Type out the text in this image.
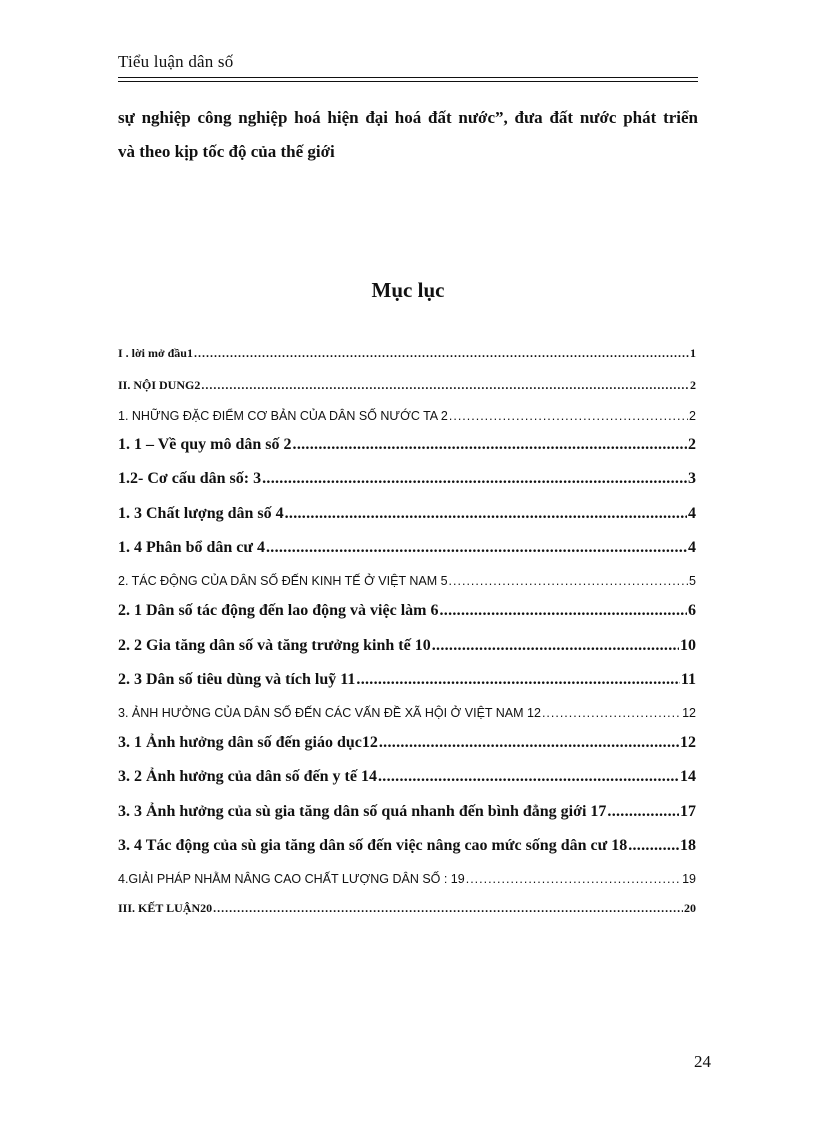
Tiểu luận dân số
sự nghiệp công nghiệp hoá hiện đại hoá đất nước”, đưa đất nước phát triển
và theo kịp tốc độ của thế giới
Mục lục
I . lời mở đầu1 .....	1
II. NỘI DUNG2 .....	2
1. NHỮNG ĐẶC ĐIỂM CƠ BẢN CỦA DÂN SỐ NƯỚC TA 2 .....	2
1. 1 – Về quy mô dân số 2 .....	2
1.2- Cơ cấu dân số: 3 .....	3
1. 3 Chất lượng dân số 4 .....	4
1. 4 Phân bổ dân cư 4 .....	4
2. TÁC ĐỘNG CỦA DÂN SỐ ĐẾN KINH TẾ Ở VIỆT NAM 5 .....	5
2. 1 Dân số tác động đến lao động và việc làm 6 .....	6
2. 2 Gia tăng dân số và tăng trưởng kinh tế 10 .....	10
2. 3 Dân số tiêu dùng và tích luỹ 11 .....	11
3. ẢNH HƯỞNG CỦA DÂN SỐ ĐẾN CÁC VẤN ĐỀ XÃ HỘI Ở VIỆT NAM 12 .....	12
3. 1 Ảnh hưởng dân số đến giáo dục12 .....	12
3. 2 Ảnh hưởng của dân số đến y tế 14 .....	14
3. 3 Ảnh hưởng của sù gia tăng dân số quá nhanh đến bình đẳng giới 17 .....	17
3. 4 Tác động của sù gia tăng dân số đến việc nâng cao mức sống dân cư 18 .....	18
4.GIẢI PHÁP NHẰM NÂNG CAO CHẤT LƯỢNG DÂN SỐ : 19 .....	19
III. KẾT LUẬN20 .....	20
24
